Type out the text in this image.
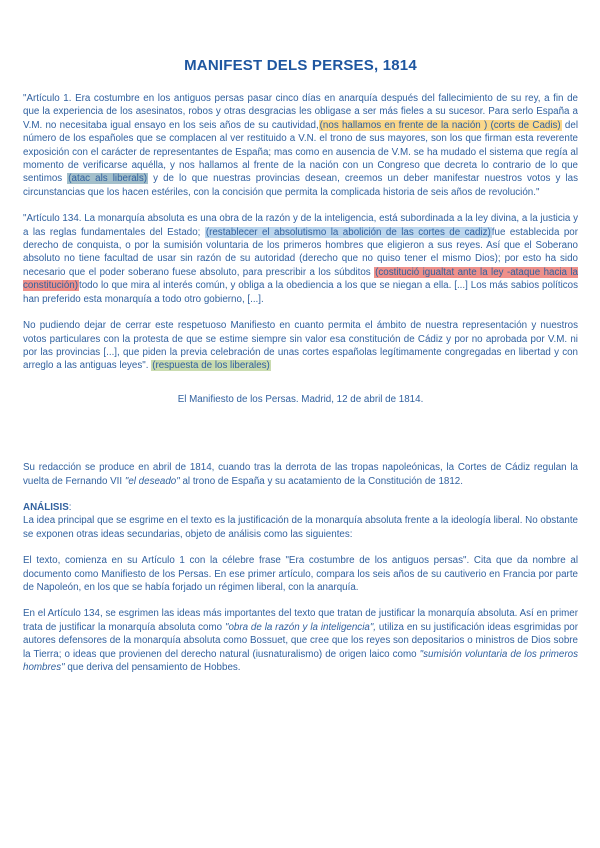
MANIFEST DELS PERSES, 1814

"Artículo 1. Era costumbre en los antiguos persas pasar cinco días en anarquía después del fallecimiento de su rey, a fin de que la experiencia de los asesinatos, robos y otras desgracias les obligase a ser más fieles a su sucesor. Para serlo España a V.M. no necesitaba igual ensayo en los seis años de su cautividad,(nos hallamos en frente de la nación ) (corts de Cadis) del número de los españoles que se complacen al ver restituido a V.N. el trono de sus mayores, son los que firman esta reverente exposición con el carácter de representantes de España; mas como en ausencia de V.M. se ha mudado el sistema que regía al momento de verificarse aquélla, y nos hallamos al frente de la nación con un Congreso que decreta lo contrario de lo que sentimos (atac als liberals) y de lo que nuestras provincias desean, creemos un deber manifestar nuestros votos y las circunstancias que los hacen estériles, con la concisión que permita la complicada historia de seis años de revolución."

"Artículo 134. La monarquía absoluta es una obra de la razón y de la inteligencia, está subordinada a la ley divina, a la justicia y a las reglas fundamentales del Estado; (restablecer el absolutismo la abolición de las cortes de cadiz)fue establecida por derecho de conquista, o por la sumisión voluntaria de los primeros hombres que eligieron a sus reyes. Así que el Soberano absoluto no tiene facultad de usar sin razón de su autoridad (derecho que no quiso tener el mismo Dios); por esto ha sido necesario que el poder soberano fuese absoluto, para prescribir a los súbditos (costitució igualtat ante la ley -ataque hacia la constitución)todo lo que mira al interés común, y obliga a la obediencia a los que se niegan a ella. [...] Los más sabios políticos han preferido esta monarquía a todo otro gobierno, [...].

No pudiendo dejar de cerrar este respetuoso Manifiesto en cuanto permita el ámbito de nuestra representación y nuestros votos particulares con la protesta de que se estime siempre sin valor esa constitución de Cádiz y por no aprobada por V.M. ni por las provincias [...], que piden la previa celebración de unas cortes españolas legítimamente congregadas en libertad y con arreglo a las antiguas leyes". (respuesta de los liberales)

El Manifiesto de los Persas. Madrid, 12 de abril de 1814.

Su redacción se produce en abril de 1814, cuando tras la derrota de las tropas napoleónicas, la Cortes de Cádiz regulan la vuelta de Fernando VII "el deseado" al trono de España y su acatamiento de la Constitución de 1812.

ANÁLISIS:

La idea principal que se esgrime en el texto es la justificación de la monarquía absoluta frente a la ideología liberal. No obstante se exponen otras ideas secundarias, objeto de análisis como las siguientes:

El texto, comienza en su Artículo 1 con la célebre frase "Era costumbre de los antiguos persas". Cita que da nombre al documento como Manifiesto de los Persas. En ese primer artículo, compara los seis años de su cautiverio en Francia por parte de Napoleón, en los que se había forjado un régimen liberal, con la anarquía.

En el Artículo 134, se esgrimen las ideas más importantes del texto que tratan de justificar la monarquía absoluta. Así en primer trata de justificar la monarquía absoluta como "obra de la razón y la inteligencia", utiliza en su justificación ideas esgrimidas por autores defensores de la monarquía absoluta como Bossuet, que cree que los reyes son depositarios o ministros de Dios sobre la Tierra; o ideas que provienen del derecho natural (iusnaturalismo) de origen laico como "sumisión voluntaria de los primeros hombres" que deriva del pensamiento de Hobbes.
